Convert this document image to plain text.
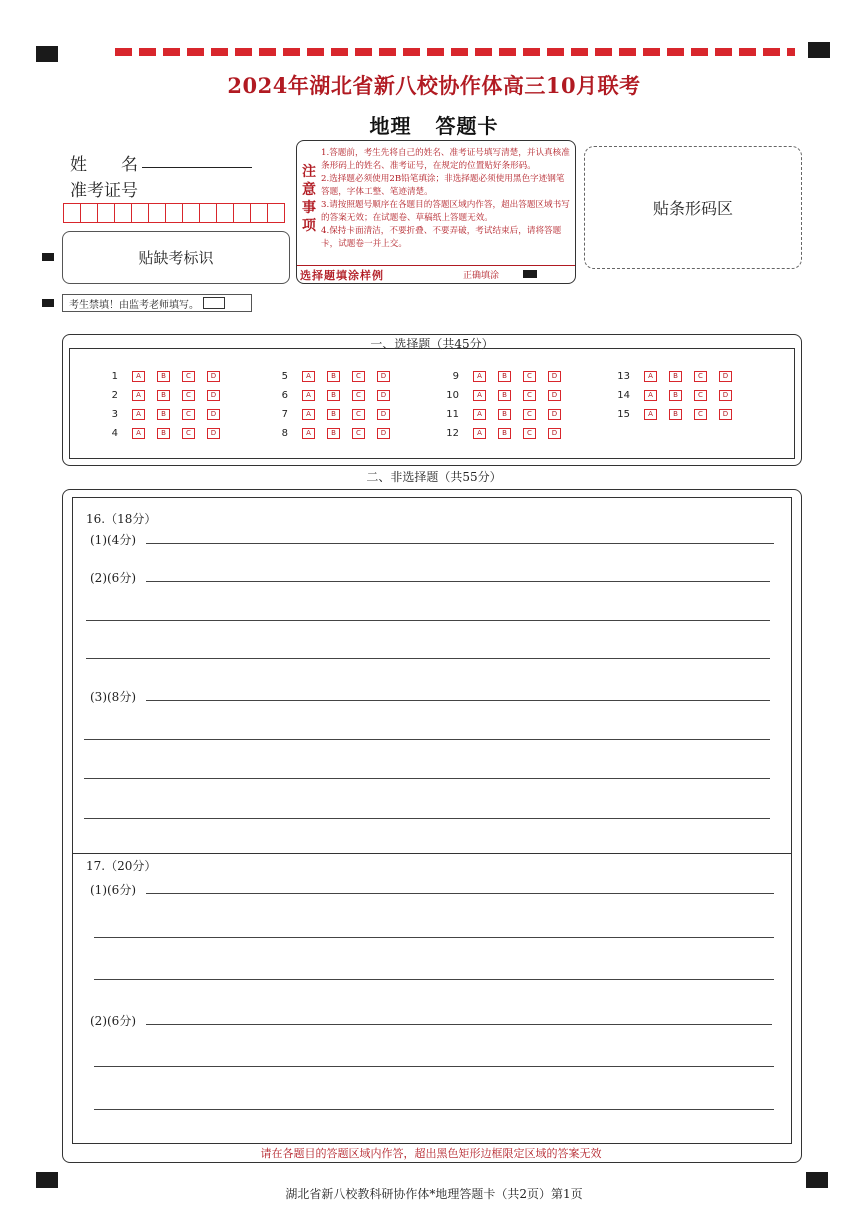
2024年湖北省新八校协作体高三10月联考
地理 答题卡
姓　　名
准考证号
贴缺考标识
考生禁填！由监考老师填写。
注
意
事
项
1.答题前，考生先将自己的姓名、准考证号填写清楚，并认真核准条形码上的姓名、准考证号，在规定的位置贴好条形码。
2.选择题必须使用2B铅笔填涂；非选择题必须使用黑色字迹钢笔答题，字体工整、笔迹清楚。
3.请按照题号顺序在各题目的答题区域内作答，超出答题区域书写的答案无效；在试题卷、草稿纸上答题无效。
4.保持卡面清洁，不要折叠、不要弄破，考试结束后，请将答题卡，试题卷一并上交。
选择题填涂样例	正确填涂
贴条形码区
一、选择题（共45分）
二、非选择题（共55分）
16.（18分）
(1)(4分)
(2)(6分)
(3)(8分)
17.（20分）
(1)(6分)
(2)(6分)
请在各题目的答题区域内作答，超出黑色矩形边框限定区域的答案无效
湖北省新八校教科研协作体*地理答题卡（共2页）第1页
1	A	B	C	D
2	A	B	C	D
3	A	B	C	D
4	A	B	C	D
5	A	B	C	D
6	A	B	C	D
7	A	B	C	D
8	A	B	C	D
9	A	B	C	D
10	A	B	C	D
11	A	B	C	D
12	A	B	C	D
13	A	B	C	D
14	A	B	C	D
15	A	B	C	D
